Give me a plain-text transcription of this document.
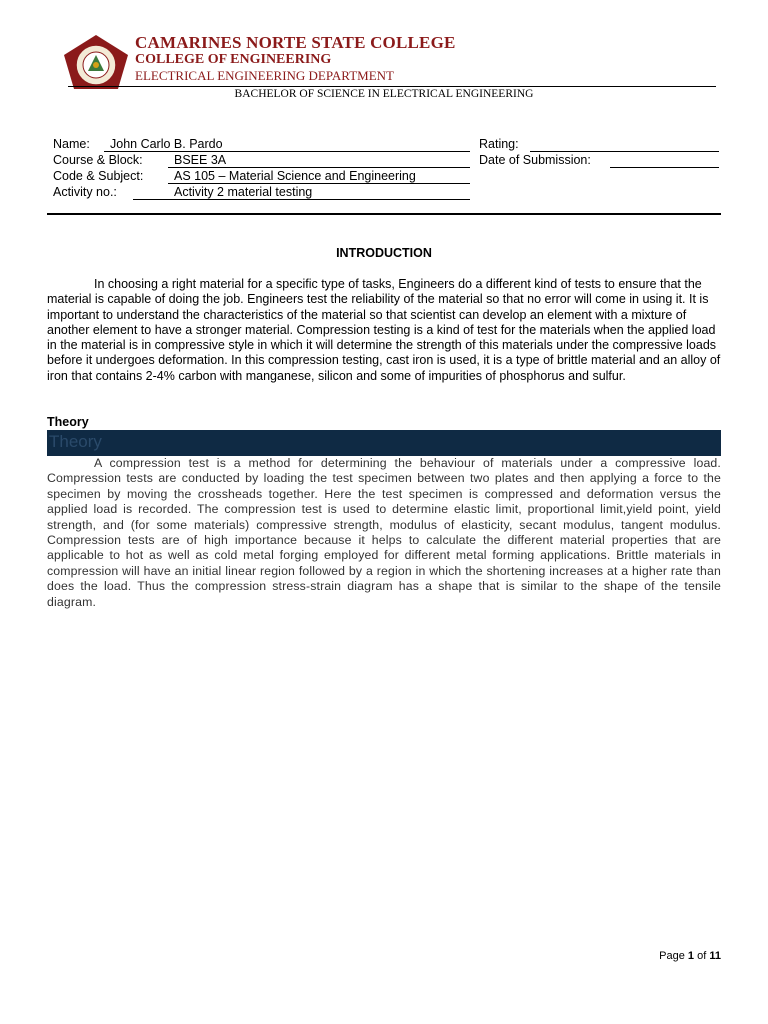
CAMARINES NORTE STATE COLLEGE
COLLEGE OF ENGINEERING
ELECTRICAL ENGINEERING DEPARTMENT
BACHELOR OF SCIENCE IN ELECTRICAL ENGINEERING
Name: John Carlo B. Pardo
Course & Block:	BSEE 3A
Code & Subject: AS 105 – Material Science and Engineering
Activity no.:	Activity 2 material testing
Rating:
Date of Submission:
INTRODUCTION
In choosing a right material for a specific type of tasks, Engineers do a different kind of tests to ensure that the material is capable of doing the job. Engineers test the reliability of the material so that no error will come in using it. It is important to understand the characteristics of the material so that scientist can develop an element with a mixture of another element to have a stronger material. Compression testing is a kind of test for the materials when the applied load in the material is in compressive style in which it will determine the strength of this materials under the compressive loads before it undergoes deformation. In this compression testing, cast iron is used, it is a type of brittle material and an alloy of iron that contains 2-4% carbon with manganese, silicon and some of impurities of phosphorus and sulfur.
Theory
Theory
A compression test is a method for determining the behaviour of materials under a compressive load. Compression tests are conducted by loading the test specimen between two plates and then applying a force to the specimen by moving the crossheads together. Here the test specimen is compressed and deformation versus the applied load is recorded. The compression test is used to determine elastic limit, proportional limit,yield point, yield strength, and (for some materials) compressive strength, modulus of elasticity, secant modulus, tangent modulus. Compression tests are of high importance because it helps to calculate the different material properties that are applicable to hot as well as cold metal forging employed for different metal forming applications. Brittle materials in compression will have an initial linear region followed by a region in which the shortening increases at a higher rate than does the load. Thus the compression stress-strain diagram has a shape that is similar to the shape of the tensile diagram.
Page 1 of 11
